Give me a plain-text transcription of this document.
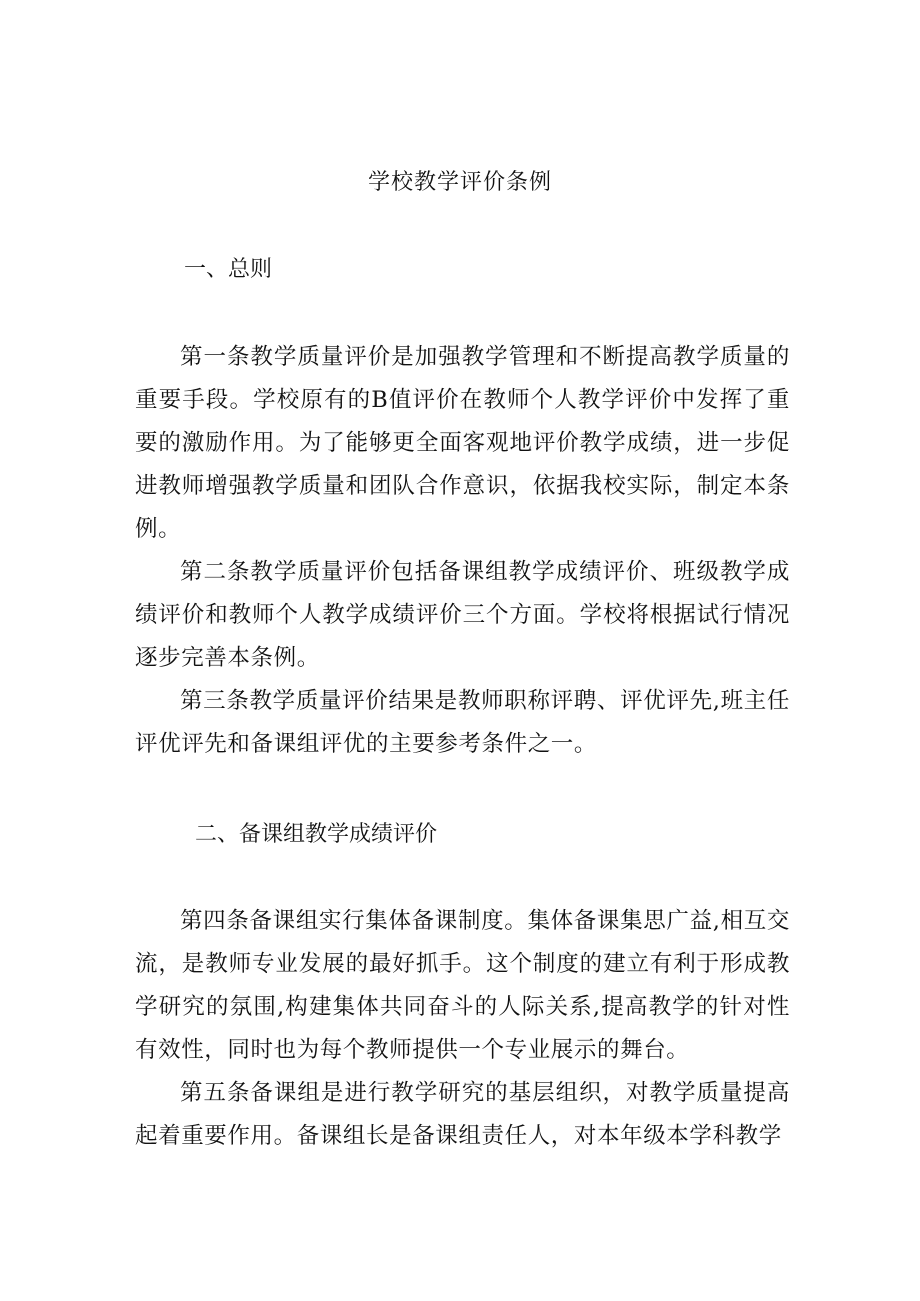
学校教学评价条例
一、总则

第一条教学质量评价是加强教学管理和不断提高教学质量的重要手段。学校原有的B值评价在教师个人教学评价中发挥了重要的激励作用。为了能够更全面客观地评价教学成绩，进一步促进教师增强教学质量和团队合作意识，依据我校实际，制定本条例。

第二条教学质量评价包括备课组教学成绩评价、班级教学成绩评价和教师个人教学成绩评价三个方面。学校将根据试行情况逐步完善本条例。

第三条教学质量评价结果是教师职称评聘、评优评先,班主任评优评先和备课组评优的主要参考条件之一。

二、备课组教学成绩评价

第四条备课组实行集体备课制度。集体备课集思广益,相互交流，是教师专业发展的最好抓手。这个制度的建立有利于形成教学研究的氛围,构建集体共同奋斗的人际关系,提高教学的针对性有效性，同时也为每个教师提供一个专业展示的舞台。

第五条备课组是进行教学研究的基层组织，对教学质量提高起着重要作用。备课组长是备课组责任人，对本年级本学科教学
